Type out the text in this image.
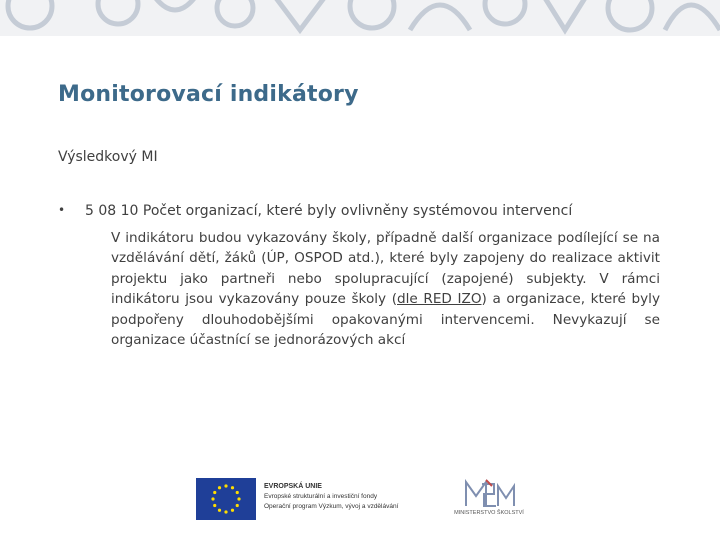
Monitorovací indikátory
Výsledkový MI
• 5 08 10 Počet organizací, které byly ovlivněny systémovou intervencí
V indikátoru budou vykazovány školy, případně další organizace podílející se na vzdělávání dětí, žáků (ÚP, OSPOD atd.), které byly zapojeny do realizace aktivit projektu jako partneři nebo spolupracující (zapojené) subjekty. V rámci indikátoru jsou vykazovány pouze školy (dle RED IZO) a organizace, které byly podpořeny dlouhodobějšími opakovanými intervencemi. Nevykazují se organizace účastnící se jednorázových akcí
EVROPSKÁ UNIE
Evropské strukturální a investiční fondy
Operační program Výzkum, vývoj a vzdělávání
MINISTERSTVO ŠKOLSTVÍ
